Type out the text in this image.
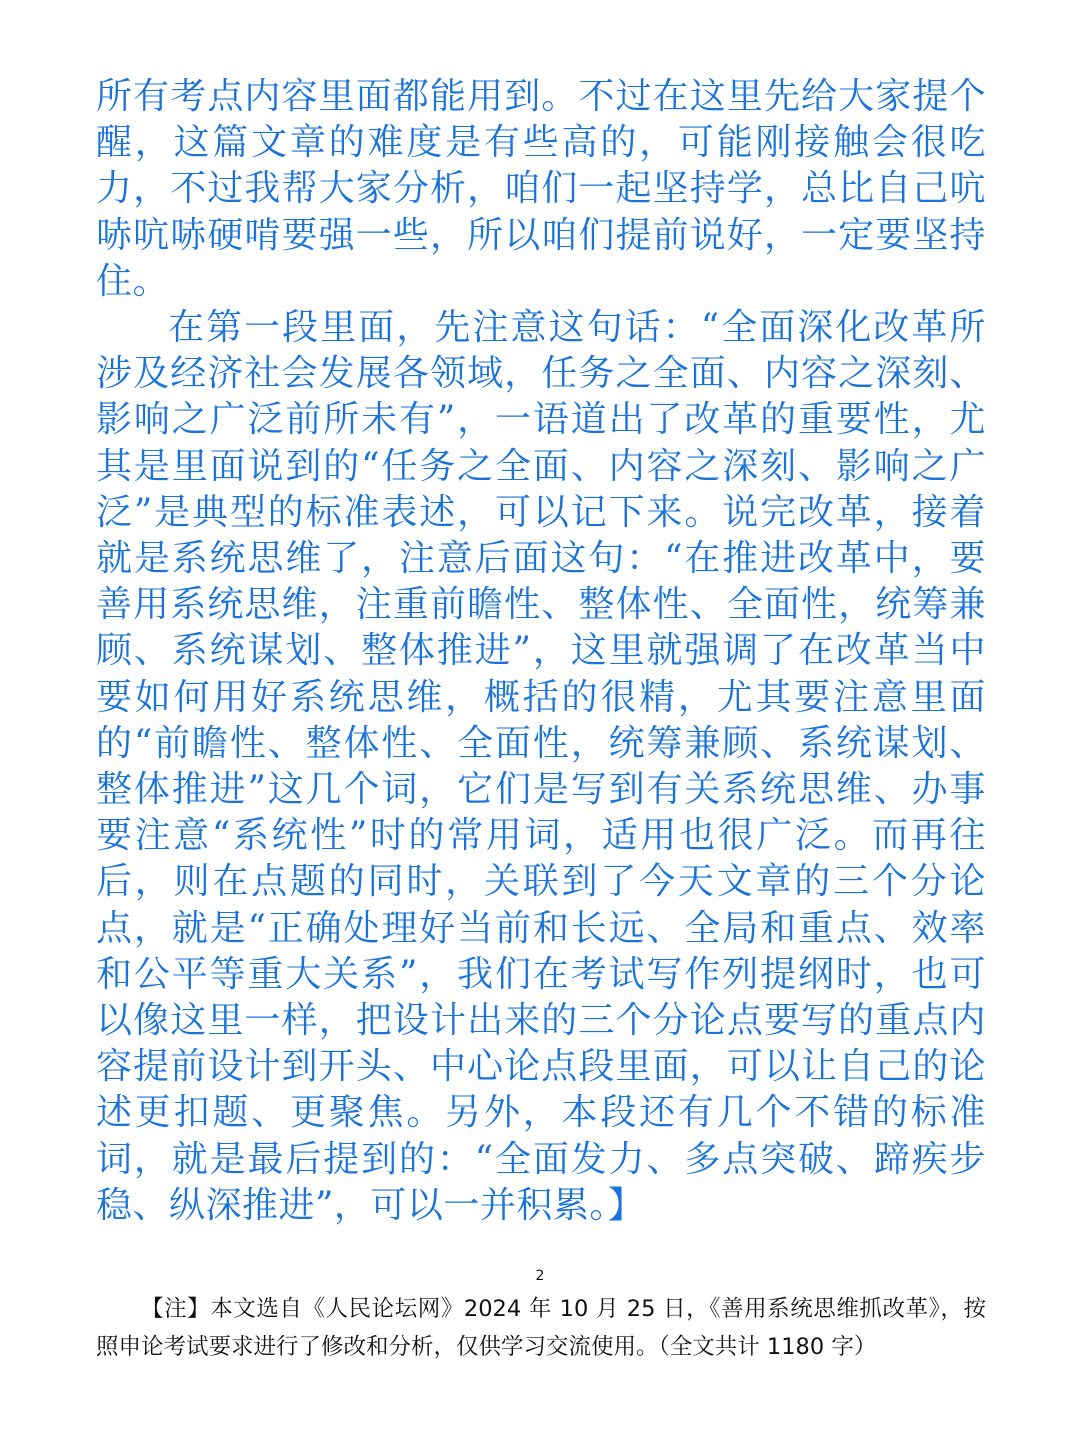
所有考点内容里面都能用到。不过在这里先给大家提个醒，这篇文章的难度是有些高的，可能刚接触会很吃力，不过我帮大家分析，咱们一起坚持学，总比自己吭哧吭哧硬啃要强一些，所以咱们提前说好，一定要坚持住。

在第一段里面，先注意这句话：“全面深化改革所涉及经济社会发展各领域，任务之全面、内容之深刻、影响之广泛前所未有”，一语道出了改革的重要性，尤其是里面说到的“任务之全面、内容之深刻、影响之广泛”是典型的标准表述，可以记下来。说完改革，接着就是系统思维了，注意后面这句：“在推进改革中，要善用系统思维，注重前瞻性、整体性、全面性，统筹兼顾、系统谋划、整体推进”，这里就强调了在改革当中要如何用好系统思维，概括的很精，尤其要注意里面的“前瞻性、整体性、全面性，统筹兼顾、系统谋划、整体推进”这几个词，它们是写到有关系统思维、办事要注意“系统性”时的常用词，适用也很广泛。而再往后，则在点题的同时，关联到了今天文章的三个分论点，就是“正确处理好当前和长远、全局和重点、效率和公平等重大关系”，我们在考试写作列提纲时，也可以像这里一样，把设计出来的三个分论点要写的重点内容提前设计到开头、中心论点段里面，可以让自己的论述更扣题、更聚焦。另外，本段还有几个不错的标准词，就是最后提到的：“全面发力、多点突破、蹄疾步稳、纵深推进”，可以一并积累。】

2
【注】本文选自《人民论坛网》2024 年 10 月 25 日，《善用系统思维抓改革》，按照申论考试要求进行了修改和分析，仅供学习交流使用。（全文共计 1180 字）
